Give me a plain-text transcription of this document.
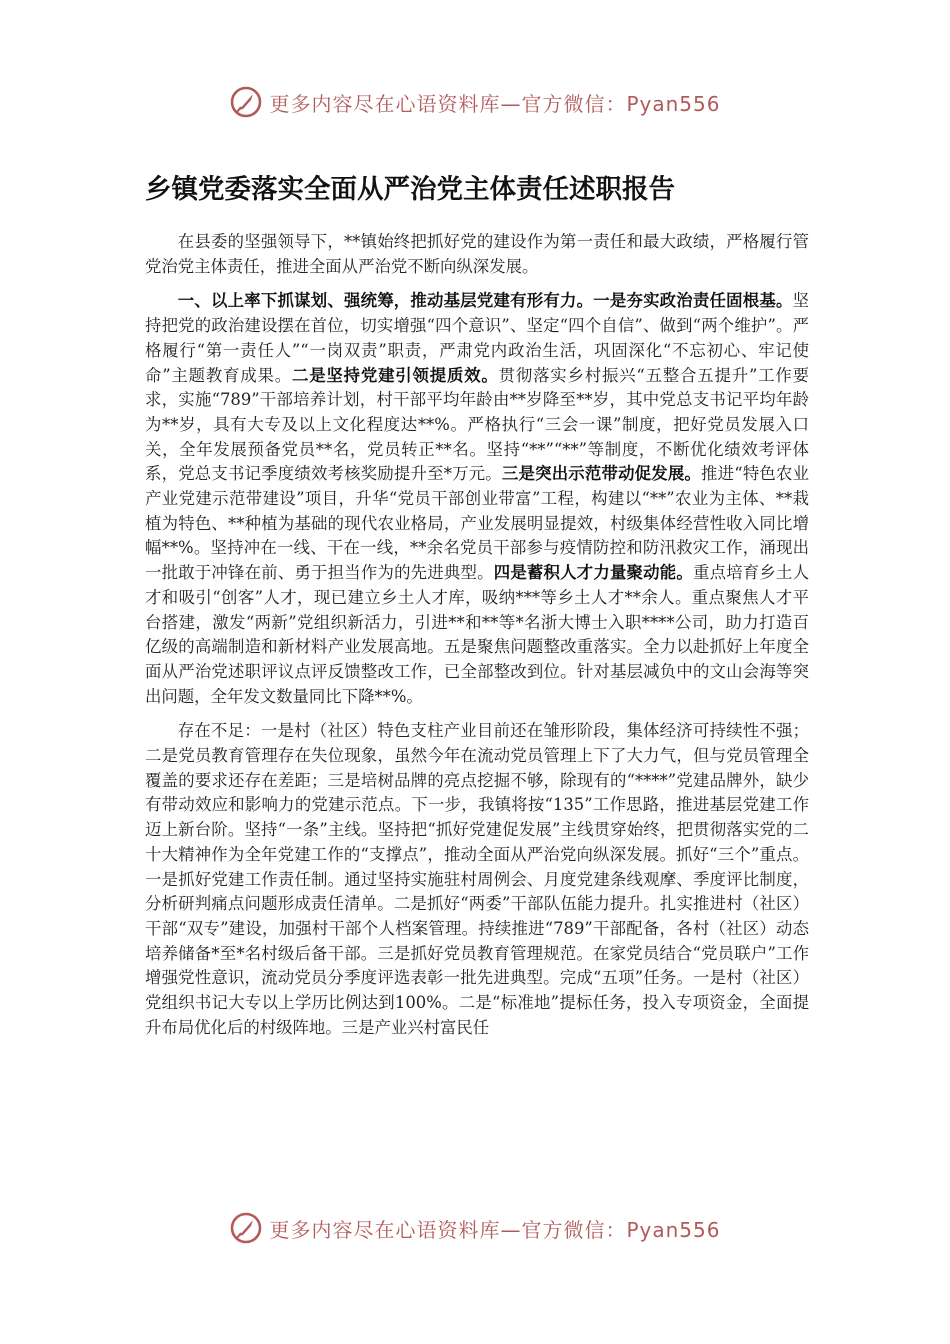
更多内容尽在心语资料库—官方微信：Pyan556
乡镇党委落实全面从严治党主体责任述职报告

在县委的坚强领导下，**镇始终把抓好党的建设作为第一责任和最大政绩，严格履行管党治党主体责任，推进全面从严治党不断向纵深发展。

一、以上率下抓谋划、强统筹，推动基层党建有形有力。一是夯实政治责任固根基。坚持把党的政治建设摆在首位，切实增强“四个意识”、坚定“四个自信”、做到“两个维护”。严格履行“第一责任人”“一岗双责”职责，严肃党内政治生活，巩固深化“不忘初心、牢记使命”主题教育成果。二是坚持党建引领提质效。贯彻落实乡村振兴“五整合五提升”工作要求，实施“789”干部培养计划，村干部平均年龄由**岁降至**岁，其中党总支书记平均年龄为**岁，具有大专及以上文化程度达**%。严格执行“三会一课”制度，把好党员发展入口关，全年发展预备党员**名，党员转正**名。坚持“**”“**”等制度，不断优化绩效考评体系，党总支书记季度绩效考核奖励提升至*万元。三是突出示范带动促发展。推进“特色农业产业党建示范带建设”项目，升华“党员干部创业带富”工程，构建以“**”农业为主体、**栽植为特色、**种植为基础的现代农业格局，产业发展明显提效，村级集体经营性收入同比增幅**%。坚持冲在一线、干在一线，**余名党员干部参与疫情防控和防汛救灾工作，涌现出一批敢于冲锋在前、勇于担当作为的先进典型。四是蓄积人才力量聚动能。重点培育乡土人才和吸引“创客”人才，现已建立乡土人才库，吸纳***等乡土人才**余人。重点聚焦人才平台搭建，激发“两新”党组织新活力，引进**和**等*名浙大博士入职****公司，助力打造百亿级的高端制造和新材料产业发展高地。五是聚焦问题整改重落实。全力以赴抓好上年度全面从严治党述职评议点评反馈整改工作，已全部整改到位。针对基层减负中的文山会海等突出问题，全年发文数量同比下降**%。

存在不足：一是村（社区）特色支柱产业目前还在雏形阶段，集体经济可持续性不强；二是党员教育管理存在失位现象，虽然今年在流动党员管理上下了大力气，但与党员管理全覆盖的要求还存在差距；三是培树品牌的亮点挖掘不够，除现有的“****”党建品牌外，缺少有带动效应和影响力的党建示范点。下一步，我镇将按“135”工作思路，推进基层党建工作迈上新台阶。坚持“一条”主线。坚持把“抓好党建促发展”主线贯穿始终，把贯彻落实党的二十大精神作为全年党建工作的“支撑点”，推动全面从严治党向纵深发展。抓好“三个”重点。一是抓好党建工作责任制。通过坚持实施驻村周例会、月度党建条线观摩、季度评比制度，分析研判痛点问题形成责任清单。二是抓好“两委”干部队伍能力提升。扎实推进村（社区）干部“双专”建设，加强村干部个人档案管理。持续推进“789”干部配备，各村（社区）动态培养储备*至*名村级后备干部。三是抓好党员教育管理规范。在家党员结合“党员联户”工作增强党性意识，流动党员分季度评选表彰一批先进典型。完成“五项”任务。一是村（社区）党组织书记大专以上学历比例达到100%。二是“标准地”提标任务，投入专项资金，全面提升布局优化后的村级阵地。三是产业兴村富民任

更多内容尽在心语资料库—官方微信：Pyan556
